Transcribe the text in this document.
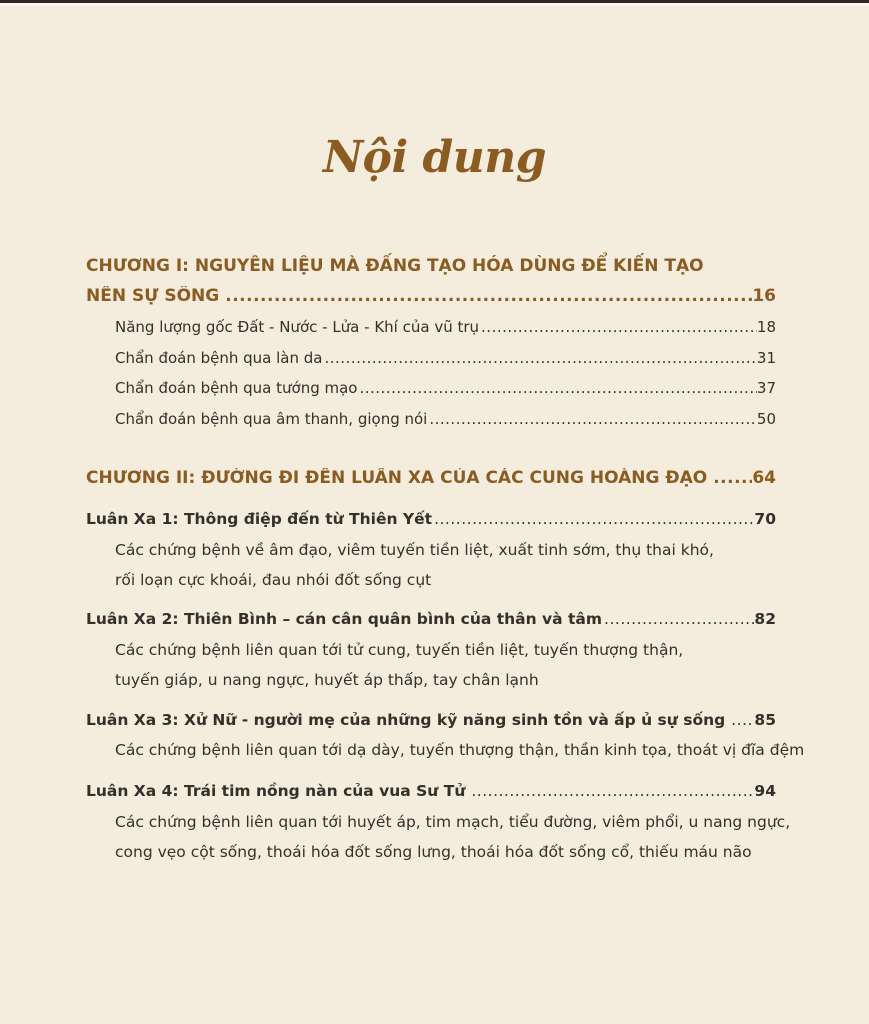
Nội dung
CHƯƠNG I: NGUYÊN LIỆU MÀ ĐẤNG TẠO HÓA DÙNG ĐỂ KIẾN TẠO
NÊN SỰ SỐNG .....	16
Năng lượng gốc Đất - Nước - Lửa - Khí của vũ trụ .....	18
Chẩn đoán bệnh qua làn da .....	31
Chẩn đoán bệnh qua tướng mạo .....	37
Chẩn đoán bệnh qua âm thanh, giọng nói .....	50
CHƯƠNG II: ĐƯỜNG ĐI ĐẾN LUÂN XA CỦA CÁC CUNG HOÀNG ĐẠO .....	64
Luân Xa 1: Thông điệp đến từ Thiên Yết .....	70
Các chứng bệnh về âm đạo, viêm tuyến tiền liệt, xuất tinh sớm, thụ thai khó,
rối loạn cực khoái, đau nhói đốt sống cụt
Luân Xa 2: Thiên Bình – cán cân quân bình của thân và tâm .....	82
Các chứng bệnh liên quan tới tử cung, tuyến tiền liệt, tuyến thượng thận,
tuyến giáp, u nang ngực, huyết áp thấp, tay chân lạnh
Luân Xa 3: Xử Nữ - người mẹ của những kỹ năng sinh tồn và ấp ủ sự sống ..... 85
Các chứng bệnh liên quan tới dạ dày, tuyến thượng thận, thần kinh tọa, thoát vị đĩa đệm
Luân Xa 4: Trái tim nồng nàn của vua Sư Tử .....	94
Các chứng bệnh liên quan tới huyết áp, tim mạch, tiểu đường, viêm phổi, u nang ngực,
cong vẹo cột sống, thoái hóa đốt sống lưng, thoái hóa đốt sống cổ, thiếu máu não
